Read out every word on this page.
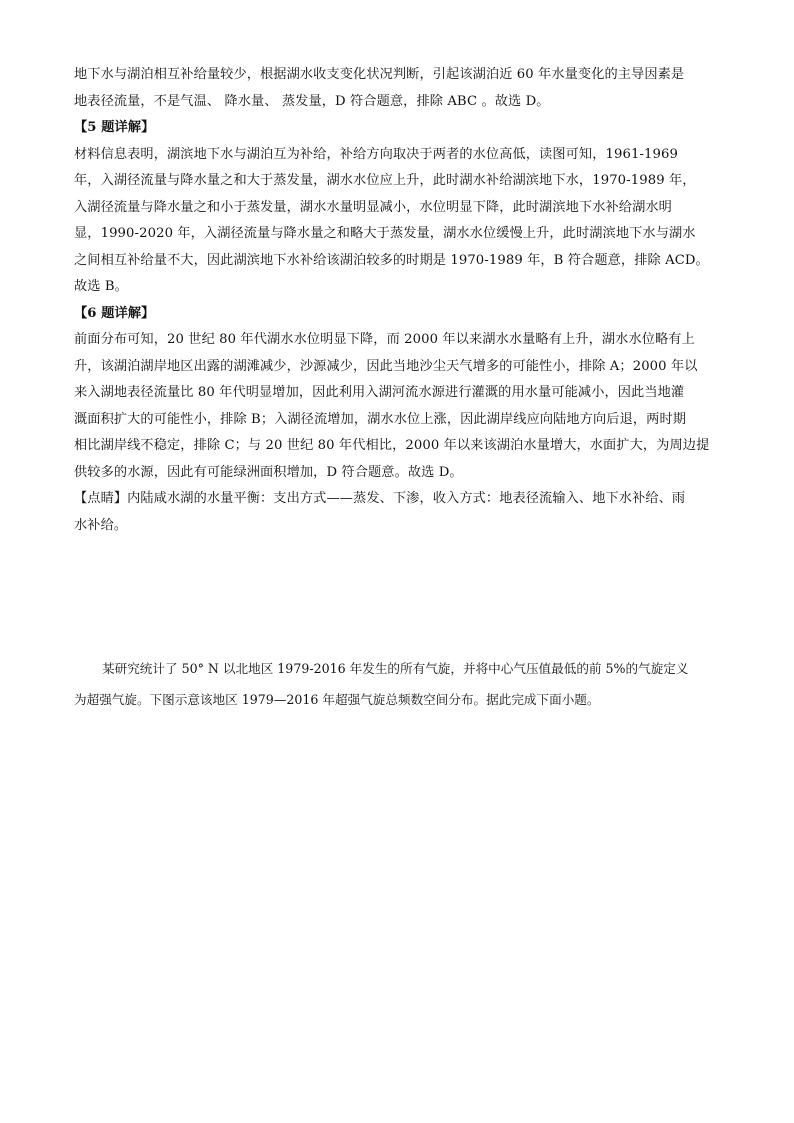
地下水与湖泊相互补给量较少，根据湖水收支变化状况判断，引起该湖泊近 60 年水量变化的主导因素是
地表径流量，不是气温、 降水量、 蒸发量，D 符合题意，排除 ABC 。故选 D。
【5 题详解】
材料信息表明，湖滨地下水与湖泊互为补给，补给方向取决于两者的水位高低，读图可知，1961-1969
年，入湖径流量与降水量之和大于蒸发量，湖水水位应上升，此时湖水补给湖滨地下水，1970-1989 年，
入湖径流量与降水量之和小于蒸发量，湖水水量明显减小，水位明显下降，此时湖滨地下水补给湖水明
显，1990-2020 年，入湖径流量与降水量之和略大于蒸发量，湖水水位缓慢上升，此时湖滨地下水与湖水
之间相互补给量不大，因此湖滨地下水补给该湖泊较多的时期是 1970-1989 年，B 符合题意，排除 ACD。
故选 B。
【6 题详解】
前面分布可知，20 世纪 80 年代湖水水位明显下降，而 2000 年以来湖水水量略有上升，湖水水位略有上
升，该湖泊湖岸地区出露的湖滩减少，沙源减少，因此当地沙尘天气增多的可能性小，排除 A；2000 年以
来入湖地表径流量比 80 年代明显增加，因此利用入湖河流水源进行灌溉的用水量可能减小，因此当地灌
溉面积扩大的可能性小，排除 B；入湖径流增加，湖水水位上涨，因此湖岸线应向陆地方向后退，两时期
相比湖岸线不稳定，排除 C；与 20 世纪 80 年代相比，2000 年以来该湖泊水量增大，水面扩大，为周边提
供较多的水源，因此有可能绿洲面积增加，D 符合题意。故选 D。
【点睛】内陆咸水湖的水量平衡：支出方式——蒸发、下渗，收入方式：地表径流输入、地下水补给、雨
水补给。
某研究统计了 50° N 以北地区 1979-2016 年发生的所有气旋，并将中心气压值最低的前 5%的气旋定义
为超强气旋。下图示意该地区 1979—2016 年超强气旋总频数空间分布。据此完成下面小题。
